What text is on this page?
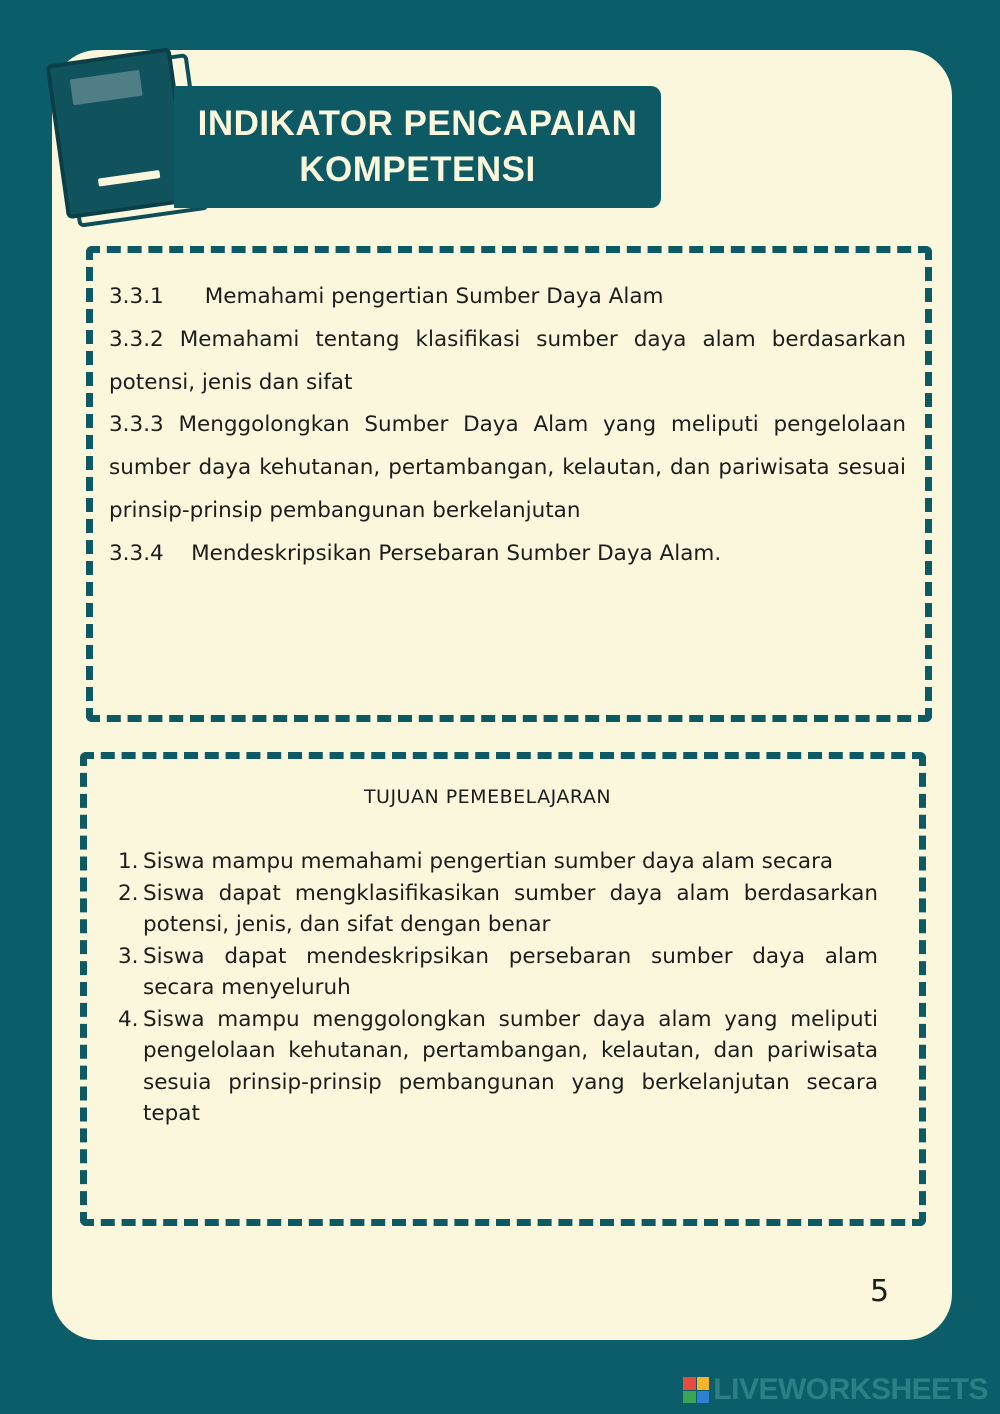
INDIKATOR PENCAPAIAN
KOMPETENSI

3.3.1 Memahami pengertian Sumber Daya Alam

3.3.2 Memahami tentang klasifikasi sumber daya alam berdasarkan potensi, jenis dan sifat

3.3.3 Menggolongkan Sumber Daya Alam yang meliputi pengelolaan sumber daya kehutanan, pertambangan, kelautan, dan pariwisata sesuai prinsip-prinsip pembangunan berkelanjutan

3.3.4 Mendeskripsikan Persebaran Sumber Daya Alam.

TUJUAN PEMEBELAJARAN
1. Siswa mampu memahami pengertian sumber daya alam secara
2. Siswa dapat mengklasifikasikan sumber daya alam berdasarkan potensi, jenis, dan sifat dengan benar
3. Siswa dapat mendeskripsikan persebaran sumber daya alam secara menyeluruh
4. Siswa mampu menggolongkan sumber daya alam yang meliputi pengelolaan kehutanan, pertambangan, kelautan, dan pariwisata sesuia prinsip-prinsip pembangunan yang berkelanjutan secara tepat
5
LIVEWORKSHEETS
